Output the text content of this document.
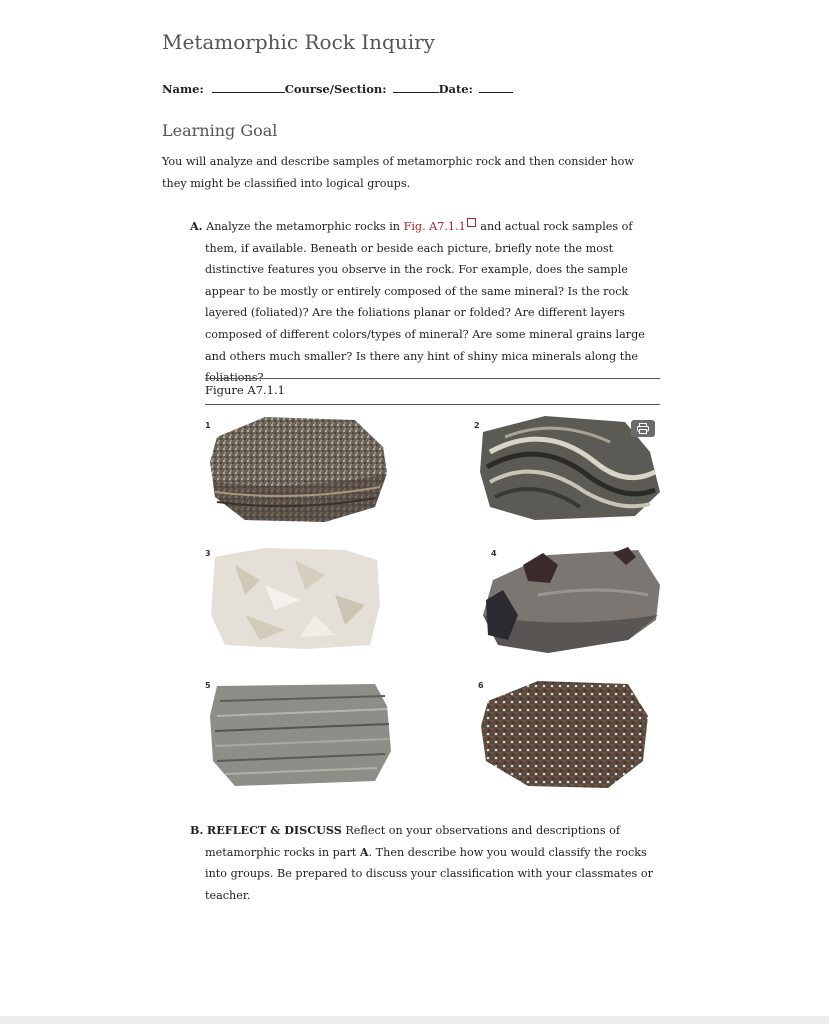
Metamorphic Rock Inquiry
Name:	Course/Section:	Date:
Learning Goal

You will analyze and describe samples of metamorphic rock and then consider how they might be classified into logical groups.

A. Analyze the metamorphic rocks in Fig. A7.1.1 and actual rock samples of them, if available. Beneath or beside each picture, briefly note the most distinctive features you observe in the rock. For example, does the sample appear to be mostly or entirely composed of the same mineral? Is the rock layered (foliated)? Are the foliations planar or folded? Are different layers composed of different colors/types of mineral? Are some mineral grains large and others much smaller? Is there any hint of shiny mica minerals along the foliations?

Figure A7.1.1
1	2
3	4
5	6

B. REFLECT & DISCUSS Reflect on your observations and descriptions of metamorphic rocks in part A. Then describe how you would classify the rocks into groups. Be prepared to discuss your classification with your classmates or teacher.
